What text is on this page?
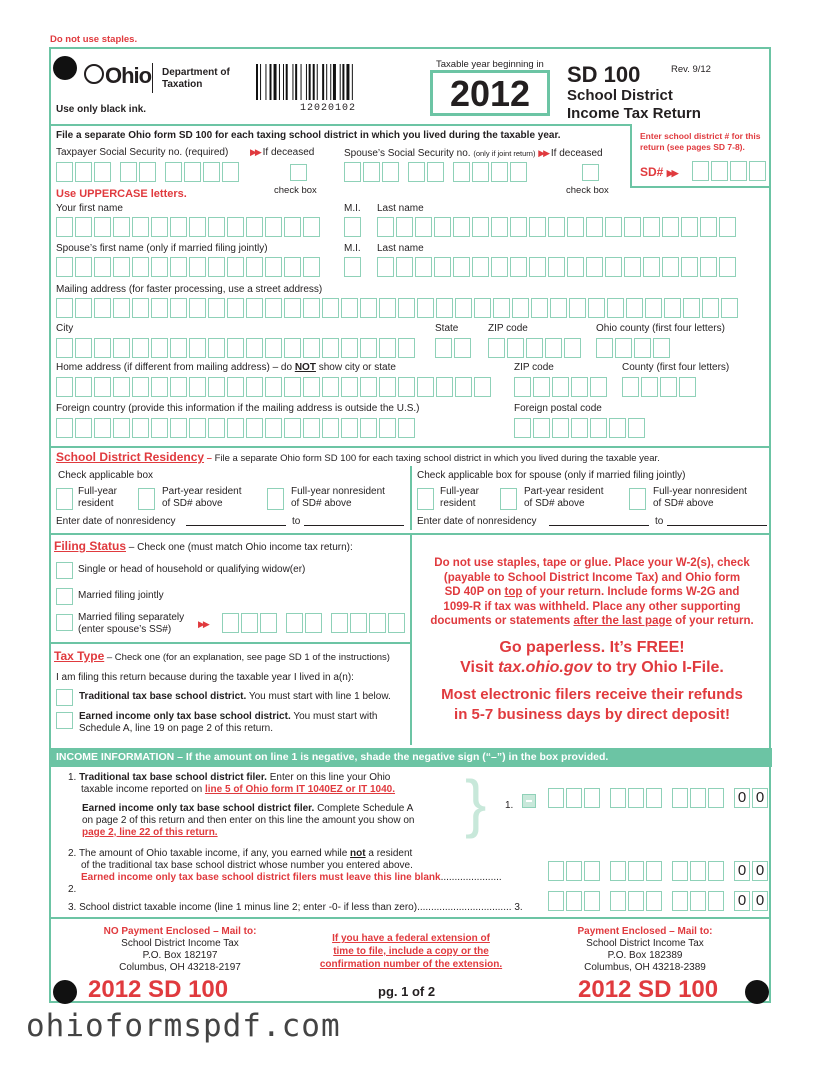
Do not use staples.
Ohio Department of
Taxation
Use only black ink.	12020102
Taxable year beginning in
2012	SD 100	Rev. 9/12
School District
Income Tax Return
File a separate Ohio form SD 100 for each taxing school district in which you lived during the taxable year.	Enter school district # for this return (see pages SD 7-8).
SD# ▶▶
Taxpayer Social Security no. (required) ▶▶ If deceased
check box
Spouse’s Social Security no. (only if joint return) ▶▶ If deceased
check box
Use UPPERCASE letters.
Your first name	M.I. Last name
Spouse’s first name (only if married filing jointly)	M.I. Last name
Mailing address (for faster processing, use a street address)
City	State	ZIP code	Ohio county (first four letters)
Home address (if different from mailing address) – do NOT show city or state	ZIP code	County (first four letters)
Foreign country (provide this information if the mailing address is outside the U.S.)	Foreign postal code
School District Residency – File a separate Ohio form SD 100 for each taxing school district in which you lived during the taxable year.
Check applicable box	Check applicable box for spouse (only if married filing jointly)
Full-year
resident
Part-year resident
of SD# above
Full-year nonresident
of SD# above
Enter date of nonresidency	to
Full-year
resident
Part-year resident
of SD# above
Full-year nonresident
of SD# above
Enter date of nonresidency	to
Filing Status – Check one (must match Ohio income tax return):
Single or head of household or qualifying widow(er)
Married filing jointly
Married filing separately
(enter spouse’s SS#)	▶▶
Tax Type – Check one (for an explanation, see page SD 1 of the instructions)
I am filing this return because during the taxable year I lived in a(n):
Traditional tax base school district. You must start with line 1 below.
Earned income only tax base school district. You must start with
Schedule A, line 19 on page 2 of this return.
Do not use staples, tape or glue. Place your W-2(s), check
(payable to School District Income Tax) and Ohio form
SD 40P on top of your return. Include forms W-2G and
1099-R if tax was withheld. Place any other supporting
documents or statements after the last page of your return.
Go paperless. It’s FREE!
Visit tax.ohio.gov to try Ohio I-File.
Most electronic filers receive their refunds
in 5-7 business days by direct deposit!
INCOME INFORMATION – If the amount on line 1 is negative, shade the negative sign (“–”) in the box provided.
1. Traditional tax base school district filer. Enter on this line your Ohio
taxable income reported on line 5 of Ohio form IT 1040EZ or IT 1040.
Earned income only tax base school district filer. Complete Schedule A
on page 2 of this return and then enter on this line the amount you show on
page 2, line 22 of this return.	} 1.
2. The amount of Ohio taxable income, if any, you earned while not a resident
of the traditional tax base school district whose number you entered above.
Earned income only tax base school district filers must leave this line blank...................... 2.
3. School district taxable income (line 1 minus line 2; enter -0- if less than zero).................................. 3.
0 0
0 0
0 0
NO Payment Enclosed – Mail to:
School District Income Tax
P.O. Box 182197
Columbus, OH 43218-2197
If you have a federal extension of
time to file, include a copy or the
confirmation number of the extension.
Payment Enclosed – Mail to:
School District Income Tax
P.O. Box 182389
Columbus, OH 43218-2389
2012 SD 100	pg. 1 of 2	2012 SD 100
ohioformspdf.com
